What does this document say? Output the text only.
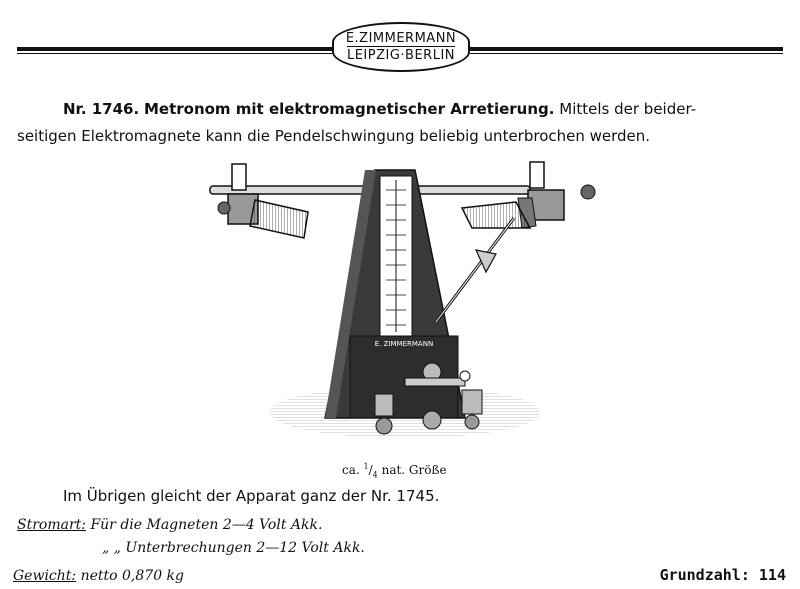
E.ZIMMERMANN
LEIPZIG·BERLIN
Nr. 1746. Metronom mit elektromagnetischer Arretierung. Mittels der beider-
seitigen Elektromagnete kann die Pendelschwingung beliebig unterbrochen werden.
E. ZIMMERMANN
ca. $^1/_4$ nat. Größe
Im Übrigen gleicht der Apparat ganz der Nr. 1745.
Stromart: Für die Magneten 2—4 Volt Akk.
„ „ Unterbrechungen 2—12 Volt Akk.
Gewicht: netto 0,870 kg	Grundzahl: 114
